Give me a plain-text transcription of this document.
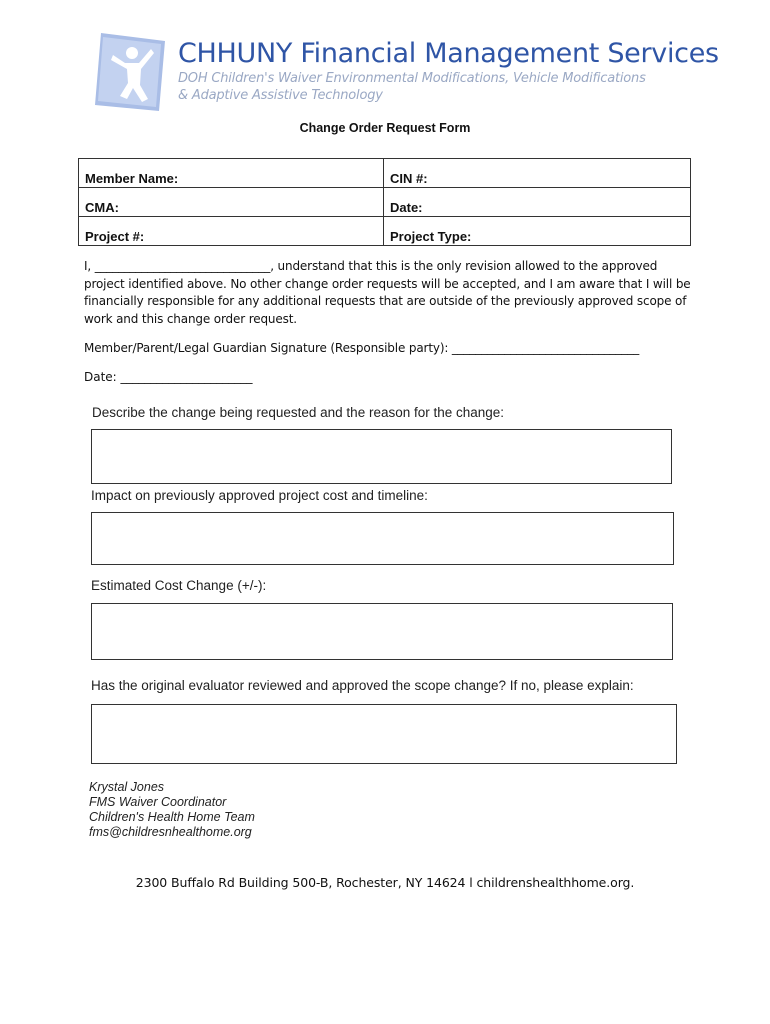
CHHUNY Financial Management Services
DOH Children's Waiver Environmental Modifications, Vehicle Modifications
& Adaptive Assistive Technology
Change Order Request Form
Member Name:	CIN #:
CMA:	Date:
Project #:	Project Type:
I, ______________________________, understand that this is the only revision allowed to the approved project identified above. No other change order requests will be accepted, and I am aware that I will be financially responsible for any additional requests that are outside of the previously approved scope of work and this change order request.
Member/Parent/Legal Guardian Signature (Responsible party): ________________________________
Date: ______________________
Describe the change being requested and the reason for the change:
Impact on previously approved project cost and timeline:
Estimated Cost Change (+/-):
Has the original evaluator reviewed and approved the scope change? If no, please explain:
Krystal Jones
FMS Waiver Coordinator
Children's Health Home Team
fms@childresnhealthome.org
2300 Buffalo Rd Building 500-B, Rochester, NY 14624 l childrenshealthhome.org.
